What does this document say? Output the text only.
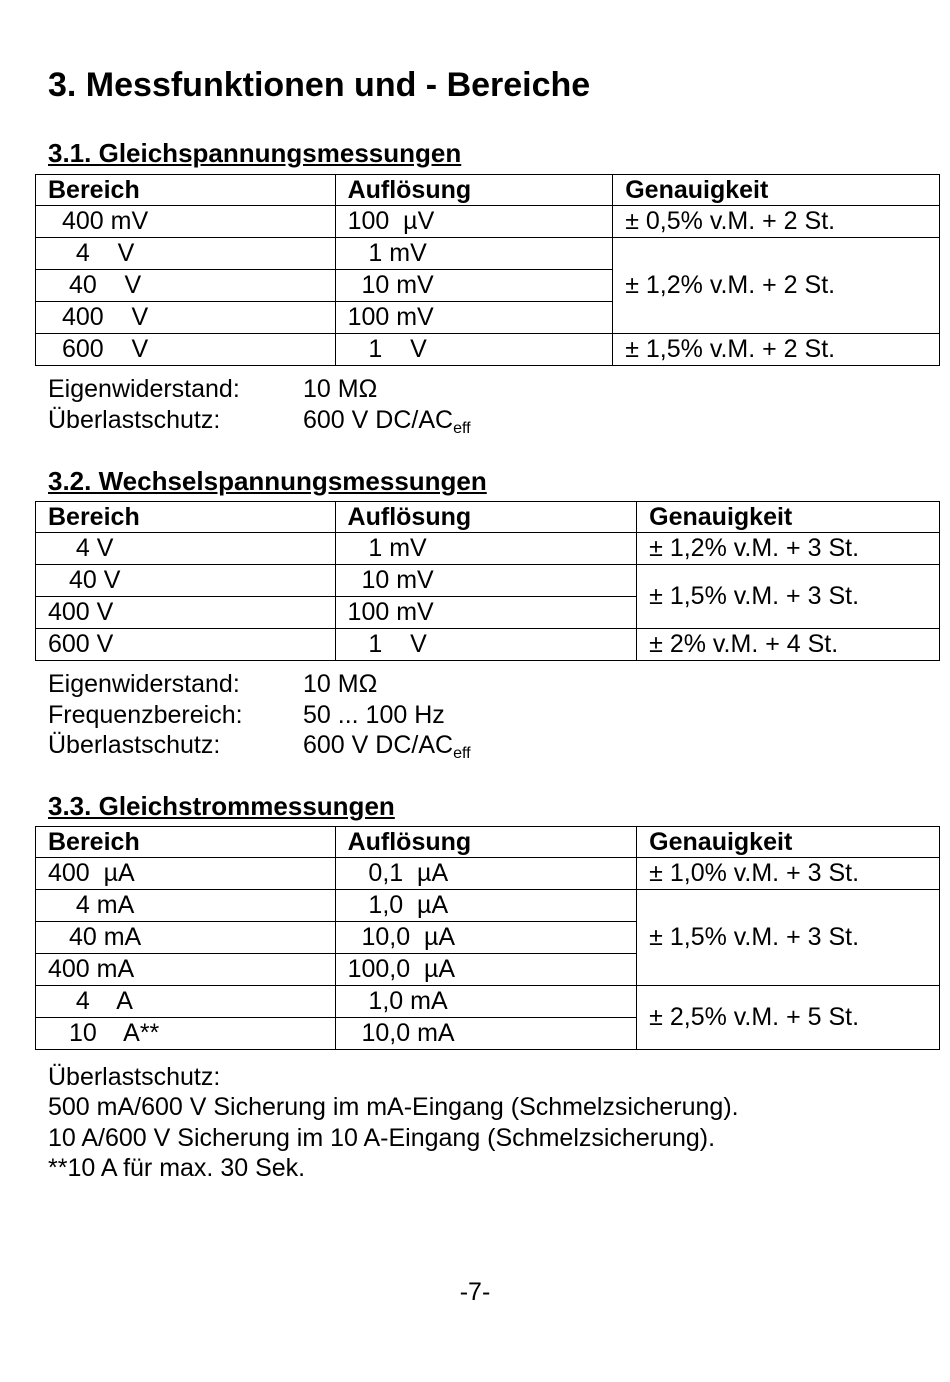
3. Messfunktionen und - Bereiche
3.1. Gleichspannungsmessungen
Bereich	Auflösung	Genauigkeit
400 mV	100  µV	± 0,5% v.M. + 2 St.
4    V	1 mV	± 1,2% v.M. + 2 St.
40    V	10 mV	
400    V	100 mV	
600    V	1    V	± 1,5% v.M. + 2 St.
Eigenwiderstand:	10 MΩ
Überlastschutz:	600 V $DC/AC_{eff}$
3.2. Wechselspannungsmessungen
Bereich	Auflösung	Genauigkeit
4 V	1 mV	± 1,2% v.M. + 3 St.
40 V	10 mV	± 1,5% v.M. + 3 St.
400 V	100 mV	
600 V	1    V	± 2% v.M. + 4 St.
Eigenwiderstand:	10 MΩ
Frequenzbereich: 50 ... 100 Hz
Überlastschutz:	600 V $DC/AC_{eff}$
3.3. Gleichstrommessungen
Bereich	Auflösung	Genauigkeit
400  µA	0,1  µA	± 1,0% v.M. + 3 St.
4 mA	1,0  µA	± 1,5% v.M. + 3 St.
40 mA	10,0  µA	
400 mA	100,0  µA	
4    A	1,0 mA	± 2,5% v.M. + 5 St.
10    A**	10,0 mA	
Überlastschutz:
500 mA/600 V Sicherung im mA-Eingang (Schmelzsicherung).
10 A/600 V Sicherung im 10 A-Eingang (Schmelzsicherung).
**10 A für max. 30 Sek.
-7-
